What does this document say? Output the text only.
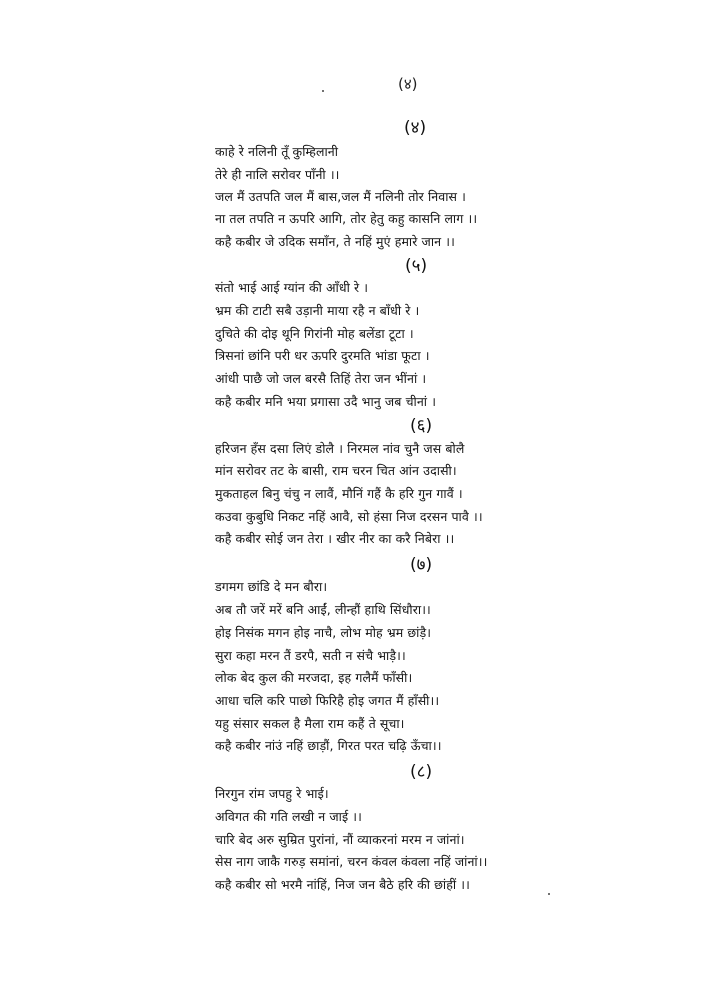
(४)
(४)
काहे रे नलिनी तूँ कुम्हिलानी
तेरे ही नालि सरोवर पाँनी ।।
जल मैं उतपति जल मैं बास,जल मैं नलिनी तोर निवास ।
ना तल तपति न ऊपरि आगि, तोर हेतु कहु कासनि लाग ।।
कहै कबीर जे उदिक समाँन, ते नहिं मुएं हमारे जान ।।
(५)
संतो भाई आई ग्यांन की आँधी रे ।
भ्रम की टाटी सबै उड़ानी माया रहै न बाँधी रे ।
दुचिते की दोइ थूनि गिरांनी मोह बलेंडा टूटा ।
त्रिसनां छांनि परी धर ऊपरि दुरमति भांडा फूटा ।
आंधी पाछै जो जल बरसै तिहिं तेरा जन भींनां ।
कहै कबीर मनि भया प्रगासा उदै भानु जब चीनां ।
(६)
हरिजन हँस दसा लिएं डोलै । निरमल नांव चुनै जस बोलै
मांन सरोवर तट के बासी, राम चरन चित आंन उदासी।
मुकताहल बिनु चंचु न लावैं, मौनिं गहैं कै हरि गुन गावैं ।
कउवा कुबुधि निकट नहिं आवै, सो हंसा निज दरसन पावै ।।
कहै कबीर सोई जन तेरा । खीर नीर का करै निबेरा ।।
(७)
डगमग छांडि दे मन बौरा।
अब तौ जरें मरें बनि आईं, लीन्हौं हाथि सिंधौरा।।
होइ निसंक मगन होइ नाचै, लोभ मोह भ्रम छांड़ै।
सुरा कहा मरन तैं डरपै, सती न संचै भाड़ै।।
लोक बेद कुल की मरजदा, इह गलैमैं फाँसी।
आधा चलि करि पाछो फिरिहै होइ जगत मैं हाँसी।।
यहु संसार सकल है मैला राम कहैं ते सूचा।
कहै कबीर नांउं नहिं छाड़ौं, गिरत परत चढ़ि ऊँचा।।
(८)
निरगुन रांम जपहु रे भाई।
अविगत की गति लखी न जाई ।।
चारि बेद अरु सुम्रित पुरांनां, नौं व्याकरनां मरम न जांनां।
सेस नाग जाकै गरुड़ समांनां, चरन कंवल कंवला नहिं जांनां।।
कहै कबीर सो भरमै नांहिं, निज जन बैठे हरि की छांहीं ।।
